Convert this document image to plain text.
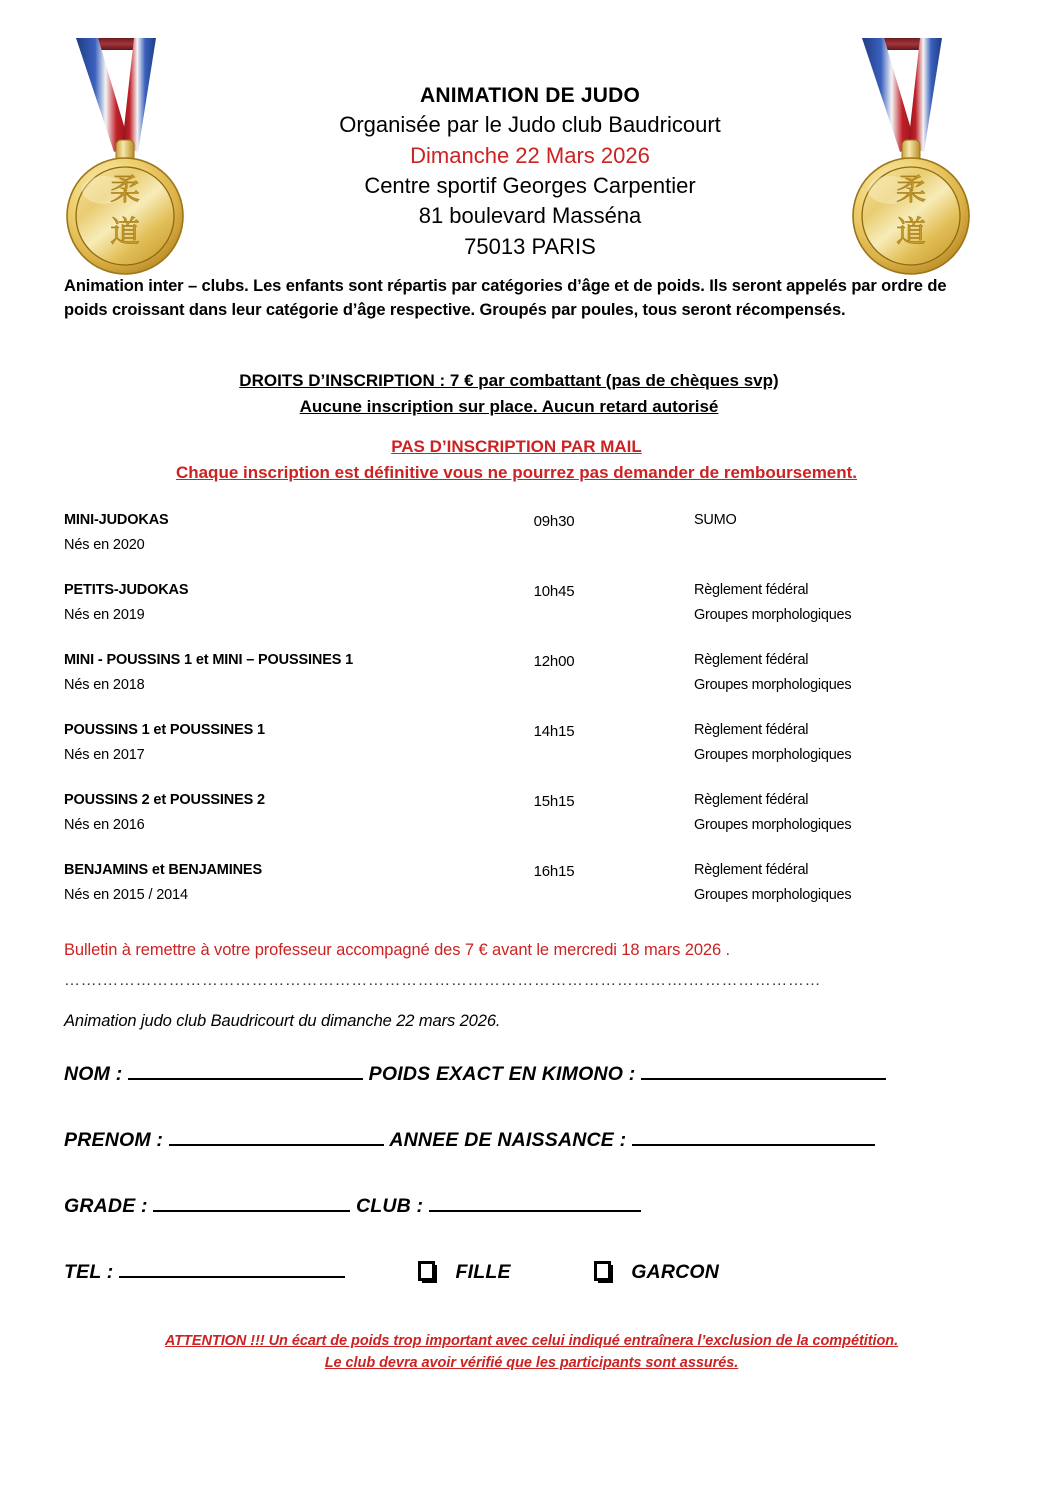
柔
道
柔
道
ANIMATION DE JUDO
Organisée par le Judo club Baudricourt
Dimanche 22 Mars 2026
Centre sportif Georges Carpentier
81 boulevard Masséna
75013 PARIS
Animation inter – clubs. Les enfants sont répartis par catégories d’âge et de poids. Ils seront appelés par ordre de poids croissant dans leur catégorie d’âge respective. Groupés par poules, tous seront récompensés.
DROITS D’INSCRIPTION : 7 € par combattant (pas de chèques svp)
Aucune inscription sur place. Aucun retard autorisé
PAS D’INSCRIPTION PAR MAIL
Chaque inscription est définitive vous ne pourrez pas demander de remboursement.
MINI-JUDOKAS
Nés en 2020
09h30	SUMO
PETITS-JUDOKAS
Nés en 2019
10h45	Règlement fédéral
Groupes morphologiques
MINI - POUSSINS 1 et MINI – POUSSINES 1
Nés en 2018
12h00	Règlement fédéral
Groupes morphologiques
POUSSINS 1 et POUSSINES 1
Nés en 2017
14h15	Règlement fédéral
Groupes morphologiques
POUSSINS 2 et POUSSINES 2
Nés en 2016
15h15	Règlement fédéral
Groupes morphologiques
BENJAMINS et BENJAMINES
Nés en 2015 / 2014
16h15	Règlement fédéral
Groupes morphologiques
Bulletin à remettre à votre professeur accompagné des 7 € avant le mercredi 18 mars 2026 .
…….…………………………………………………………………………………………….……………………
Animation judo club Baudricourt du dimanche 22 mars 2026.
NOM :	POIDS EXACT EN KIMONO :
PRENOM :	ANNEE DE NAISSANCE :
GRADE :	CLUB :
TEL :	FILLE	GARCON
ATTENTION !!! Un écart de poids trop important avec celui indiqué entraînera l’exclusion de la compétition.
Le club devra avoir vérifié que les participants sont assurés.
